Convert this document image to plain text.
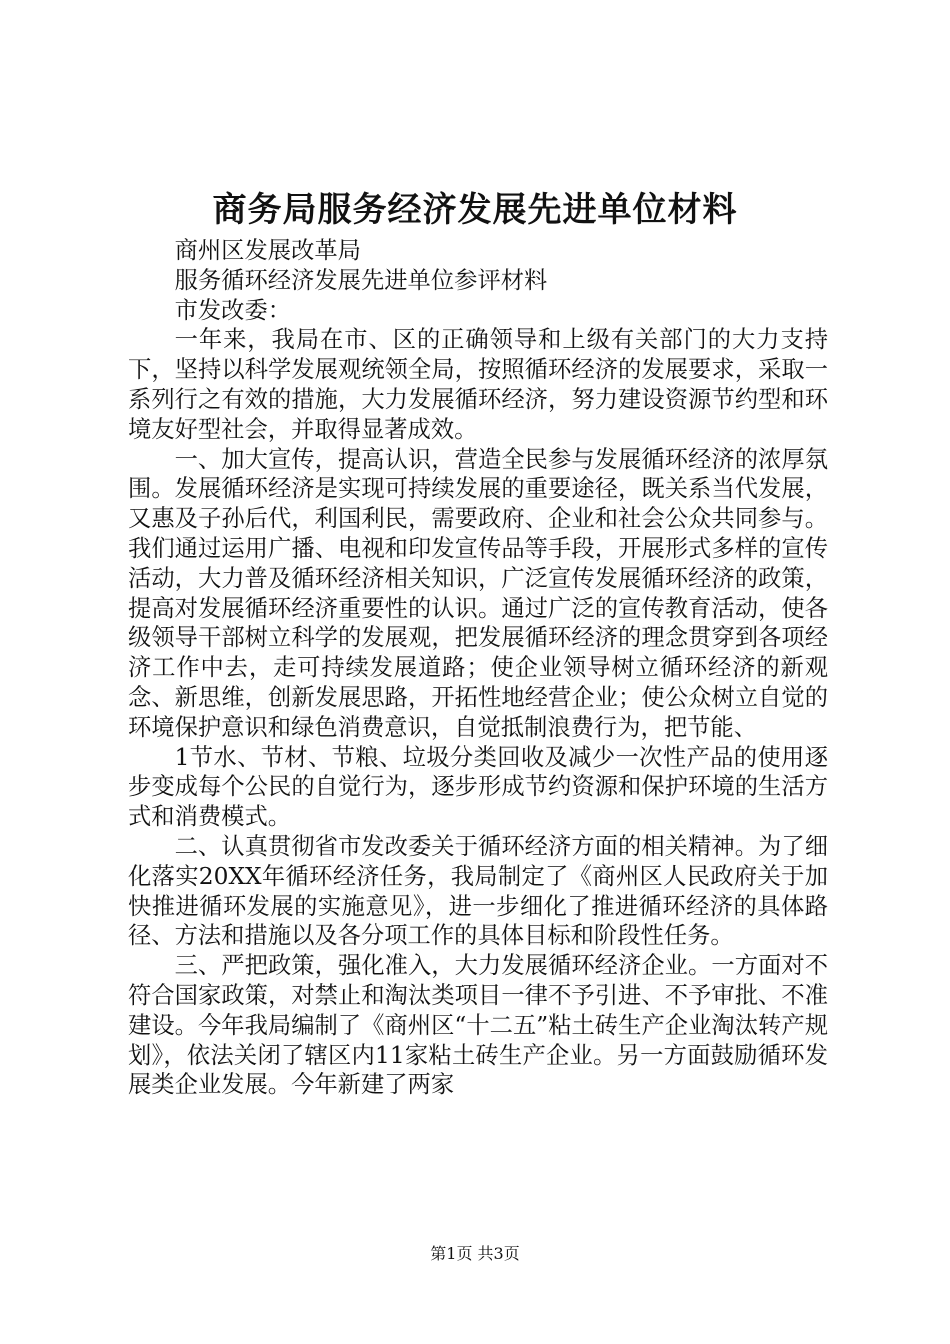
商务局服务经济发展先进单位材料

商州区发展改革局

服务循环经济发展先进单位参评材料

市发改委：

一年来，我局在市、区的正确领导和上级有关部门的大力支持下，坚持以科学发展观统领全局，按照循环经济的发展要求，采取一系列行之有效的措施，大力发展循环经济，努力建设资源节约型和环境友好型社会，并取得显著成效。

一、加大宣传，提高认识，营造全民参与发展循环经济的浓厚氛围。发展循环经济是实现可持续发展的重要途径，既关系当代发展，又惠及子孙后代，利国利民，需要政府、企业和社会公众共同参与。我们通过运用广播、电视和印发宣传品等手段，开展形式多样的宣传活动，大力普及循环经济相关知识，广泛宣传发展循环经济的政策，提高对发展循环经济重要性的认识。通过广泛的宣传教育活动，使各级领导干部树立科学的发展观，把发展循环经济的理念贯穿到各项经济工作中去，走可持续发展道路；使企业领导树立循环经济的新观念、新思维，创新发展思路，开拓性地经营企业；使公众树立自觉的环境保护意识和绿色消费意识，自觉抵制浪费行为，把节能、

1节水、节材、节粮、垃圾分类回收及减少一次性产品的使用逐步变成每个公民的自觉行为，逐步形成节约资源和保护环境的生活方式和消费模式。

二、认真贯彻省市发改委关于循环经济方面的相关精神。为了细化落实20XX年循环经济任务，我局制定了《商州区人民政府关于加快推进循环发展的实施意见》，进一步细化了推进循环经济的具体路径、方法和措施以及各分项工作的具体目标和阶段性任务。

三、严把政策，强化准入，大力发展循环经济企业。一方面对不符合国家政策，对禁止和淘汰类项目一律不予引进、不予审批、不准建设。今年我局编制了《商州区“十二五”粘土砖生产企业淘汰转产规划》，依法关闭了辖区内11家粘土砖生产企业。另一方面鼓励循环发展类企业发展。今年新建了两家

第1页 共3页
